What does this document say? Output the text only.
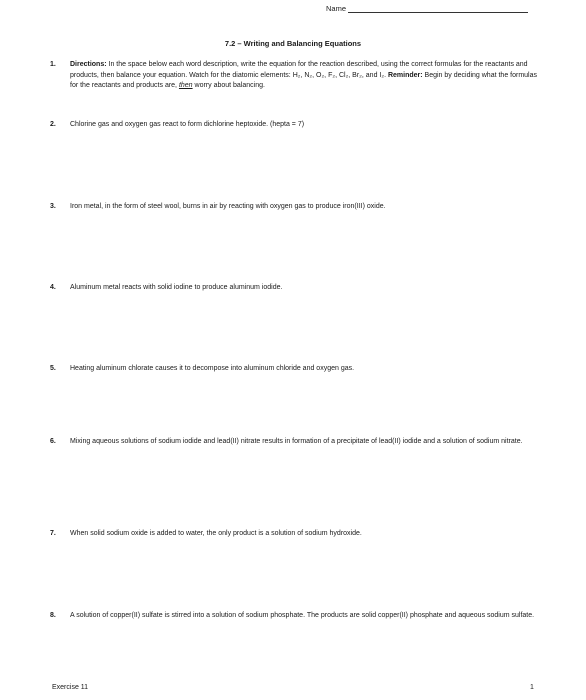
Name
7.2 – Writing and Balancing Equations
1.	Directions: In the space below each word description, write the equation for the reaction described, using the correct formulas for the reactants and products, then balance your equation. Watch for the diatomic elements: H₂, N₂, O₂, F₂, Cl₂, Br₂, and I₂. Reminder: Begin by deciding what the formulas for the reactants and products are, then worry about balancing.
2.	Chlorine gas and oxygen gas react to form dichlorine heptoxide. (hepta = 7)
3.	Iron metal, in the form of steel wool, burns in air by reacting with oxygen gas to produce iron(III) oxide.
4.	Aluminum metal reacts with solid iodine to produce aluminum iodide.
5.	Heating aluminum chlorate causes it to decompose into aluminum chloride and oxygen gas.
6.	Mixing aqueous solutions of sodium iodide and lead(II) nitrate results in formation of a precipitate of lead(II) iodide and a solution of sodium nitrate.
7.	When solid sodium oxide is added to water, the only product is a solution of sodium hydroxide.
8.	A solution of copper(II) sulfate is stirred into a solution of sodium phosphate. The products are solid copper(II) phosphate and aqueous sodium sulfate.
Exercise 11	1
